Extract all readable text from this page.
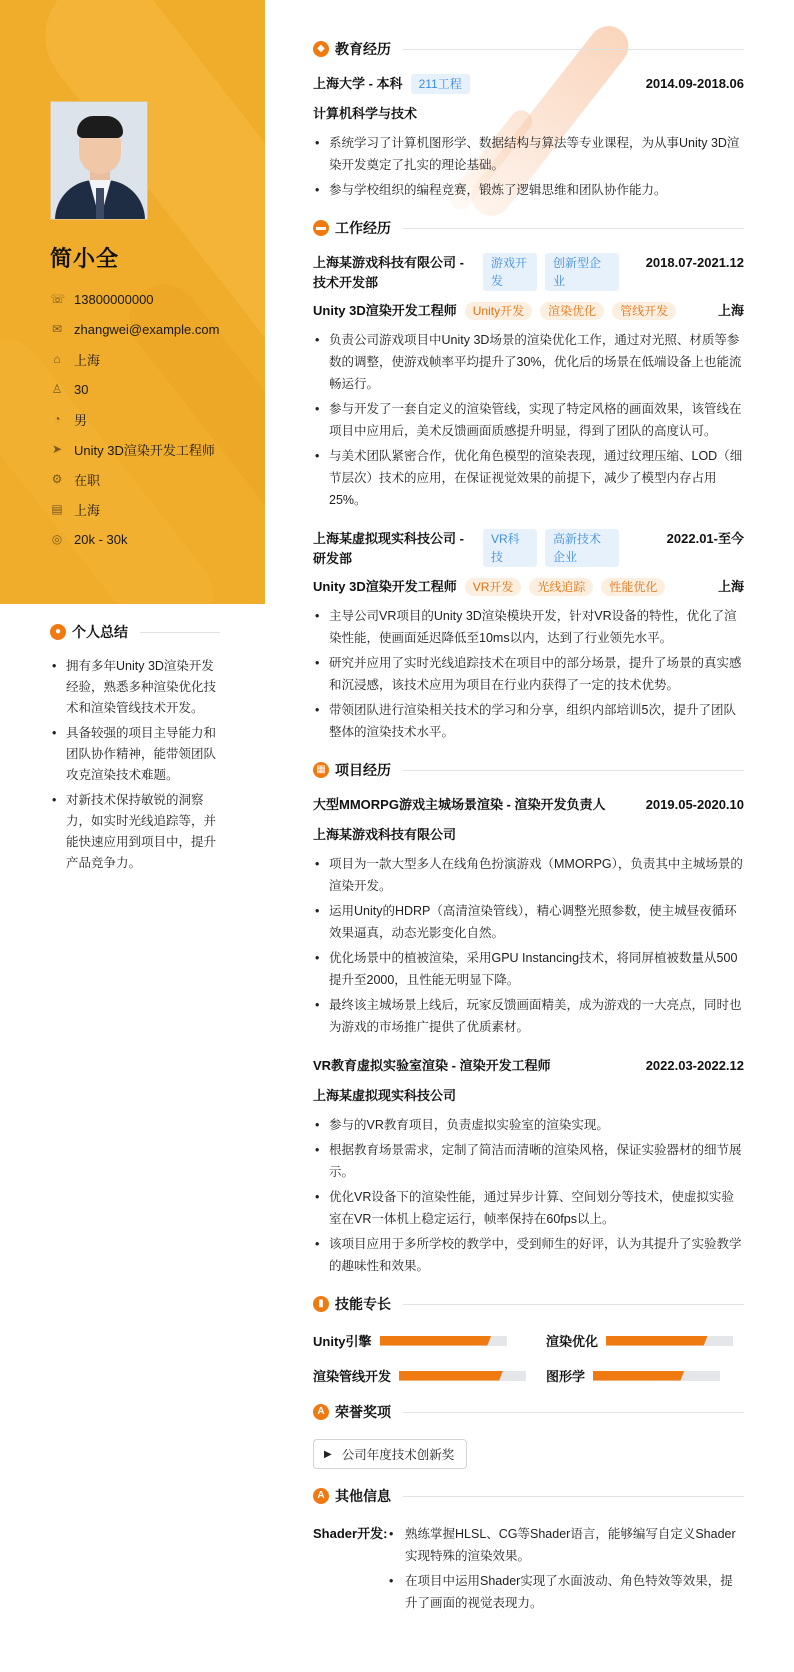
简小全
☏ 13800000000
✉ zhangwei@example.com
⌂ 上海
♙ 30
◔ 男
➤ Unity 3D渲染开发工程师
⚙ 在职
▤ 上海
◎ 20k - 30k
● 个人总结
• 拥有多年Unity 3D渲染开发经验，熟悉多种渲染优化技术和渲染管线技术开发。
• 具备较强的项目主导能力和团队协作精神，能带领团队攻克渲染技术难题。
• 对新技术保持敏锐的洞察力，如实时光线追踪等，并能快速应用到项目中，提升产品竞争力。
◆ 教育经历
上海大学 - 本科	211工程	2014.09-2018.06
计算机科学与技术
• 系统学习了计算机图形学、数据结构与算法等专业课程，为从事Unity 3D渲染开发奠定了扎实的理论基础。
• 参与学校组织的编程竞赛，锻炼了逻辑思维和团队协作能力。
▬ 工作经历
上海某游戏科技有限公司 - 技术开发部
游戏开发
创新型企业
2018.07-2021.12
Unity 3D渲染开发工程师	Unity开发	渲染优化	管线开发	上海
• 负责公司游戏项目中Unity 3D场景的渲染优化工作，通过对光照、材质等参数的调整，使游戏帧率平均提升了30%，优化后的场景在低端设备上也能流畅运行。
• 参与开发了一套自定义的渲染管线，实现了特定风格的画面效果，该管线在项目中应用后，美术反馈画面质感提升明显，得到了团队的高度认可。
• 与美术团队紧密合作，优化角色模型的渲染表现，通过纹理压缩、LOD（细节层次）技术的应用，在保证视觉效果的前提下，减少了模型内存占用25%。
上海某虚拟现实科技公司 - 研发部
VR科技
高新技术企业
2022.01-至今
Unity 3D渲染开发工程师	VR开发	光线追踪	性能优化	上海
• 主导公司VR项目的Unity 3D渲染模块开发，针对VR设备的特性，优化了渲染性能，使画面延迟降低至10ms以内，达到了行业领先水平。
• 研究并应用了实时光线追踪技术在项目中的部分场景，提升了场景的真实感和沉浸感，该技术应用为项目在行业内获得了一定的技术优势。
• 带领团队进行渲染相关技术的学习和分享，组织内部培训5次，提升了团队整体的渲染技术水平。
▦ 项目经历
大型MMORPG游戏主城场景渲染 - 渲染开发负责人	2019.05-2020.10
上海某游戏科技有限公司
• 项目为一款大型多人在线角色扮演游戏（MMORPG），负责其中主城场景的渲染开发。
• 运用Unity的HDRP（高清渲染管线），精心调整光照参数，使主城昼夜循环效果逼真，动态光影变化自然。
• 优化场景中的植被渲染，采用GPU Instancing技术，将同屏植被数量从500提升至2000，且性能无明显下降。
• 最终该主城场景上线后，玩家反馈画面精美，成为游戏的一大亮点，同时也为游戏的市场推广提供了优质素材。
VR教育虚拟实验室渲染 - 渲染开发工程师	2022.03-2022.12
上海某虚拟现实科技公司
• 参与的VR教育项目，负责虚拟实验室的渲染实现。
• 根据教育场景需求，定制了简洁而清晰的渲染风格，保证实验器材的细节展示。
• 优化VR设备下的渲染性能，通过异步计算、空间划分等技术，使虚拟实验室在VR一体机上稳定运行，帧率保持在60fps以上。
• 该项目应用于多所学校的教学中，受到师生的好评，认为其提升了实验教学的趣味性和效果。
▮ 技能专长
Unity引擎	渲染优化
渲染管线开发	图形学
A 荣誉奖项
▶ 公司年度技术创新奖
A 其他信息
Shader开发:
•	熟练掌握HLSL、CG等Shader语言，能够编写自定义Shader实现特殊的渲染效果。
• 在项目中运用Shader实现了水面波动、角色特效等效果，提升了画面的视觉表现力。
